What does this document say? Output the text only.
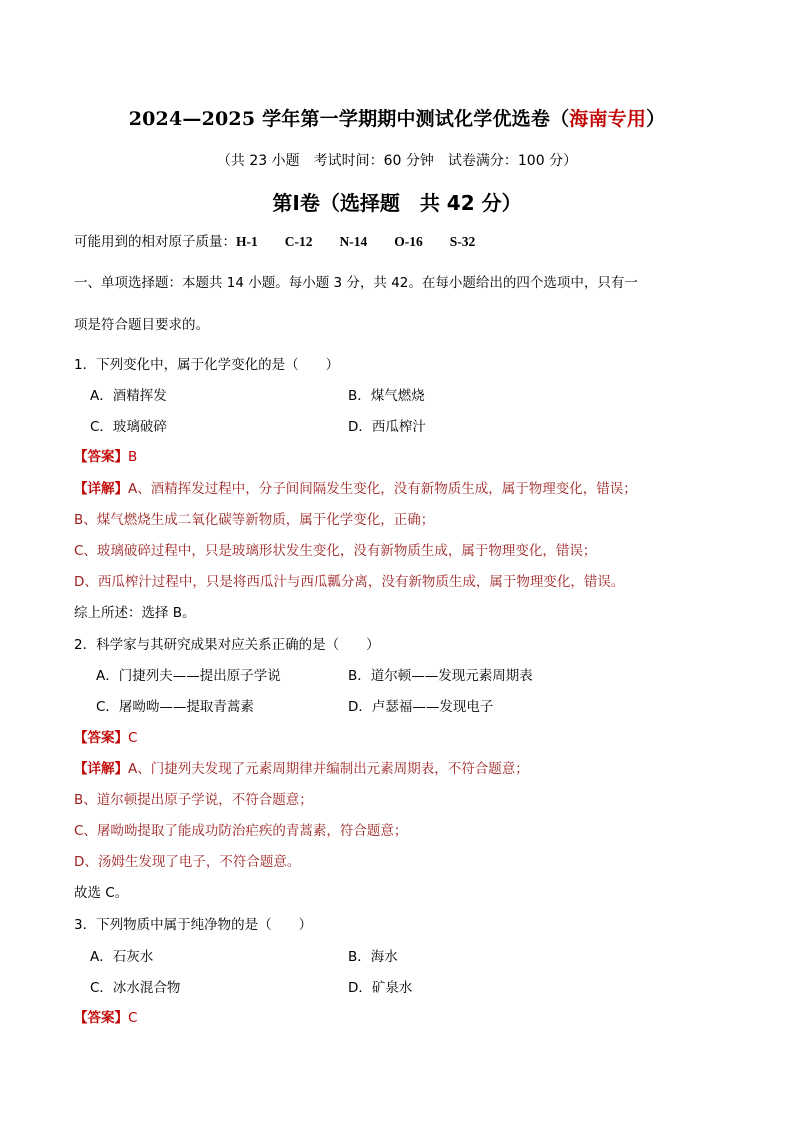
2024—2025 学年第一学期期中测试化学优选卷（海南专用）
（共 23 小题　考试时间：60 分钟　试卷满分：100 分）
第Ⅰ卷（选择题　共 42 分）
可能用到的相对原子质量：H-1　　C-12　　N-14　　O-16　　S-32
一、单项选择题：本题共 14 小题。每小题 3 分，共 42。在每小题给出的四个选项中，只有一
项是符合题目要求的。
1．下列变化中，属于化学变化的是（　　）
A．酒精挥发	B．煤气燃烧
C．玻璃破碎	D．西瓜榨汁
【答案】B
【详解】A、酒精挥发过程中，分子间间隔发生变化，没有新物质生成，属于物理变化，错误；
B、煤气燃烧生成二氧化碳等新物质，属于化学变化，正确；
C、玻璃破碎过程中，只是玻璃形状发生变化，没有新物质生成，属于物理变化，错误；
D、西瓜榨汁过程中，只是将西瓜汁与西瓜瓤分离，没有新物质生成，属于物理变化，错误。
综上所述：选择 B。
2．科学家与其研究成果对应关系正确的是（　　）
A．门捷列夫——提出原子学说	B．道尔顿——发现元素周期表
C．屠呦呦——提取青蒿素	D．卢瑟福——发现电子
【答案】C
【详解】A、门捷列夫发现了元素周期律并编制出元素周期表，不符合题意；
B、道尔顿提出原子学说，不符合题意；
C、屠呦呦提取了能成功防治疟疾的青蒿素，符合题意；
D、汤姆生发现了电子，不符合题意。
故选 C。
3．下列物质中属于纯净物的是（　　）
A．石灰水	B．海水
C．冰水混合物	D．矿泉水
【答案】C
